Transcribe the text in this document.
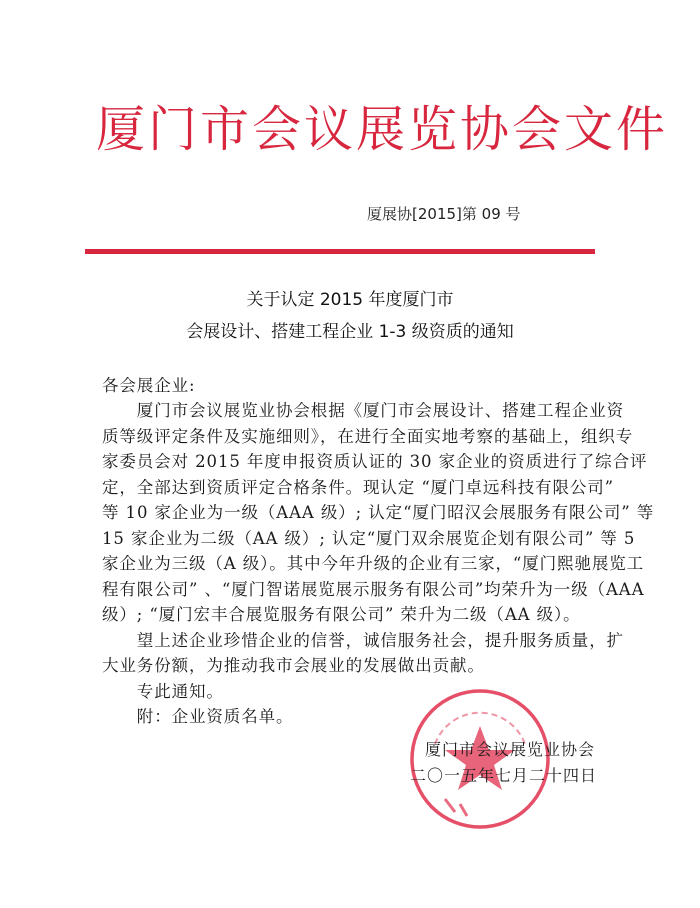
厦门市会议展览协会文件
厦展协[2015]第 09 号
关于认定 2015 年度厦门市
会展设计、搭建工程企业 1-3 级资质的通知
各会展企业:
　　厦门市会议展览业协会根据《厦门市会展设计、搭建工程企业资
质等级评定条件及实施细则》，在进行全面实地考察的基础上，组织专
家委员会对 2015 年度申报资质认证的 30 家企业的资质进行了综合评
定，全部达到资质评定合格条件。现认定 “厦门卓远科技有限公司”
等 10 家企业为一级（AAA 级）; 认定“厦门昭汉会展服务有限公司” 等
15 家企业为二级（AA 级）; 认定“厦门双余展览企划有限公司” 等 5
家企业为三级（A 级）。其中今年升级的企业有三家，“厦门熙驰展览工
程有限公司” 、“厦门智诺展览展示服务有限公司”均荣升为一级（AAA
级）; “厦门宏丰合展览服务有限公司” 荣升为二级（AA 级）。
　　望上述企业珍惜企业的信誉，诚信服务社会，提升服务质量，扩
大业务份额，为推动我市会展业的发展做出贡献。
　　专此通知。
　　附：企业资质名单。
厦门市会议展览业协会
二〇一五年七月二十四日
